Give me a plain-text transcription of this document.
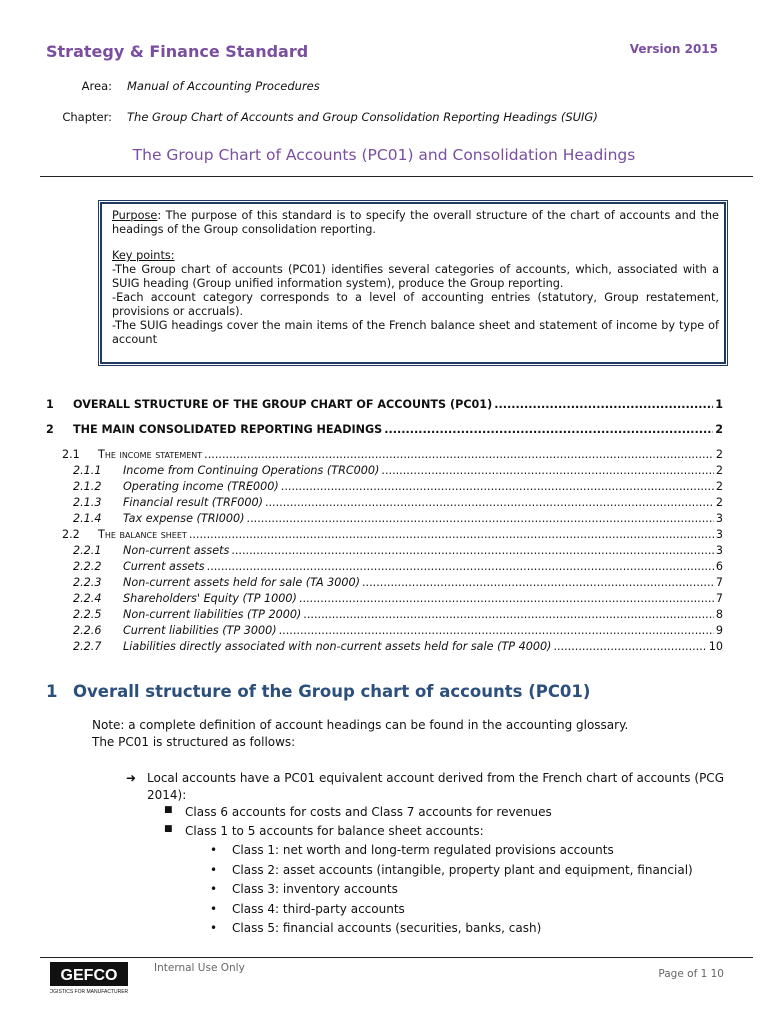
Strategy & Finance Standard	Version 2015
Area: Manual of Accounting Procedures
Chapter: The Group Chart of Accounts and Group Consolidation Reporting Headings (SUIG)
The Group Chart of Accounts (PC01) and Consolidation Headings

Purpose: The purpose of this standard is to specify the overall structure of the chart of accounts and the headings of the Group consolidation reporting.

Key points:

-The Group chart of accounts (PC01) identifies several categories of accounts, which, associated with a SUIG heading (Group unified information system), produce the Group reporting.

-Each account category corresponds to a level of accounting entries (statutory, Group restatement, provisions or accruals).

-The SUIG headings cover the main items of the French balance sheet and statement of income by type of account

1	OVERALL STRUCTURE OF THE GROUP CHART OF ACCOUNTS (PC01) .....	1
2	THE MAIN CONSOLIDATED REPORTING HEADINGS .....	2
2.1	The income statement .....	2
2.1.1	Income from Continuing Operations (TRC000) .....	2
2.1.2	Operating income (TRE000) .....	2
2.1.3	Financial result (TRF000) .....	2
2.1.4	Tax expense (TRI000) .....	3
2.2	The balance sheet .....	3
2.2.1	Non-current assets .....	3
2.2.2	Current assets .....	6
2.2.3	Non-current assets held for sale (TA 3000) .....	7
2.2.4	Shareholders' Equity (TP 1000) .....	7
2.2.5	Non-current liabilities (TP 2000) .....	8
2.2.6	Current liabilities (TP 3000) .....	9
2.2.7	Liabilities directly associated with non-current assets held for sale (TP 4000) .....	10
1 Overall structure of the Group chart of accounts (PC01)
Note: a complete definition of account headings can be found in the accounting glossary.
The PC01 is structured as follows:
➜ Local accounts have a PC01 equivalent account derived from the French chart of accounts (PCG 2014):
■ Class 6 accounts for costs and Class 7 accounts for revenues
■ Class 1 to 5 accounts for balance sheet accounts:
• Class 1: net worth and long-term regulated provisions accounts
• Class 2: asset accounts (intangible, property plant and equipment, financial)
• Class 3: inventory accounts
• Class 4: third-party accounts
• Class 5: financial accounts (securities, banks, cash)
GEFCO
LOGISTICS FOR MANUFACTURERS
Internal Use Only	Page of 1 10
